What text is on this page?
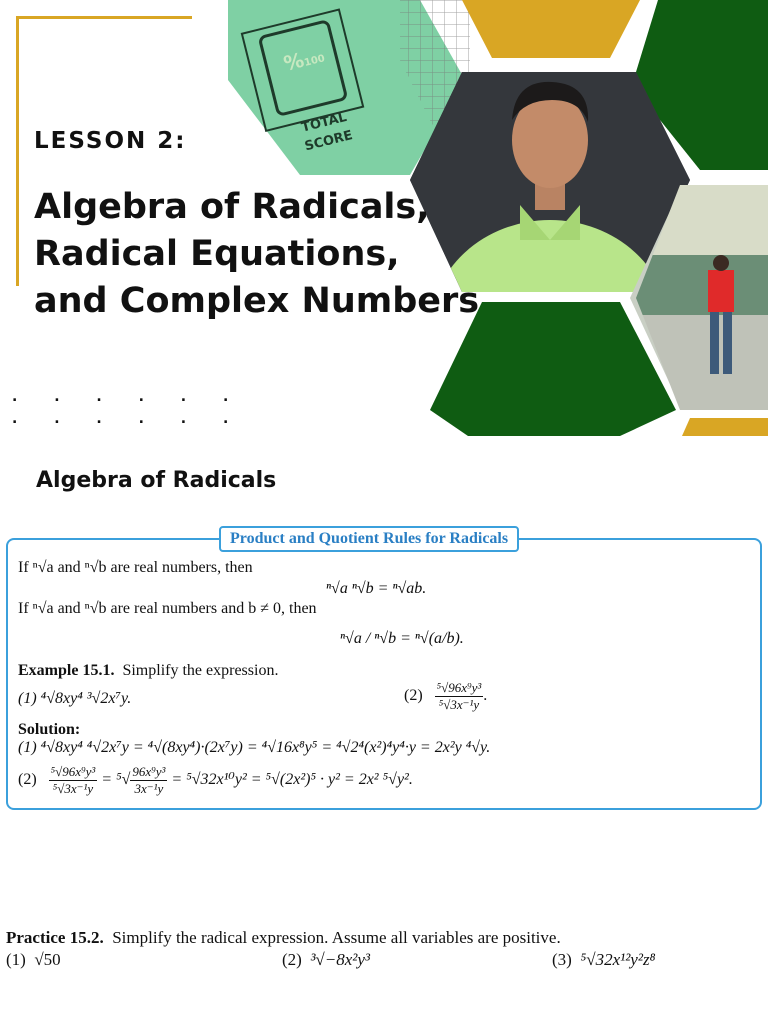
%100
TOTAL
SCORE
LESSON 2:
Algebra of Radicals,
Radical Equations,
and Complex Numbers
. . . . . .
. . . . . .
Algebra of Radicals
Product and Quotient Rules for Radicals
If ⁿ√a and ⁿ√b are real numbers, then
ⁿ√a ⁿ√b = ⁿ√ab.
If ⁿ√a and ⁿ√b are real numbers and b ≠ 0, then
ⁿ√a / ⁿ√b = ⁿ√(a/b).
Example 15.1. Simplify the expression.
(1) ⁴√8xy⁴ ³√2x⁷y.	$(2) \frac{\text{⁵√96x⁹y³}}{\text{⁵√3x⁻¹y}}$ .
Solution:
(1) ⁴√8xy⁴ ⁴√2x⁷y = ⁴√(8xy⁴)·(2x⁷y) = ⁴√16x⁸y⁵ = ⁴√2⁴(x²)⁴y⁴·y = 2x²y ⁴√y.
$(2) \frac{\text{⁵√96x⁹y³}}{\text{⁵√3x⁻¹y}} = ^5√ \frac{\text{96x⁹y³}}{\text{3x⁻¹y}} = ^5√32x^{10}y^2 = ^5√(2x^2)^5 \cdot y^2 = 2x^2$ ⁵√y².
Practice 15.2. Simplify the radical expression. Assume all variables are positive.
(1) √50	(2) ³√−8x²y³	(3) ⁵√32x¹²y²z⁸
